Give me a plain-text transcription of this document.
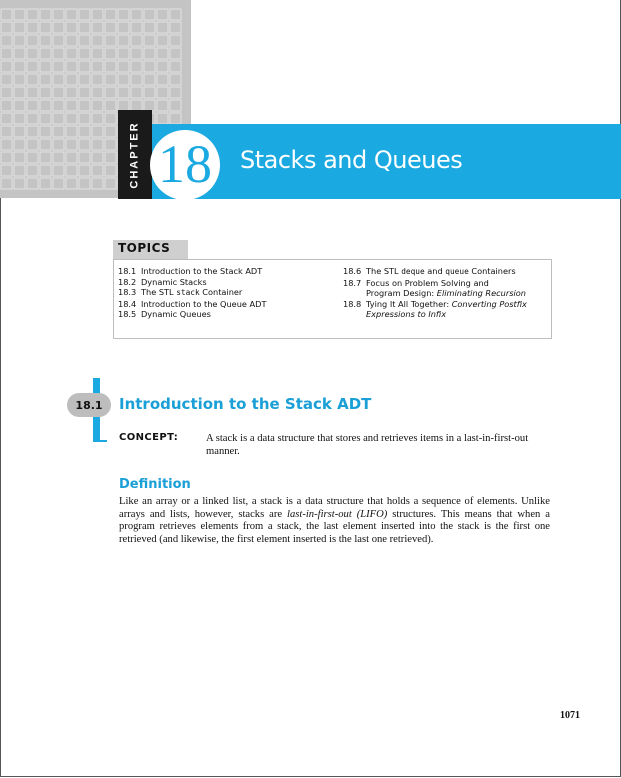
CHAPTER 18 Stacks and Queues
TOPICS
18.1 Introduction to the Stack ADT
18.2 Dynamic Stacks
18.3 The STL stack Container
18.4 Introduction to the Queue ADT
18.5 Dynamic Queues
18.6 The STL deque and queue Containers
18.7 Focus on Problem Solving and
Program Design: Eliminating Recursion
18.8 Tying It All Together: Converting Postfix
Expressions to Infix
18.1	Introduction to the Stack ADT
CONCEPT:	A stack is a data structure that stores and retrieves items in a last-in-first-out manner.
Definition
Like an array or a linked list, a stack is a data structure that holds a sequence of elements. Unlike arrays and lists, however, stacks are last-in-first-out (LIFO) structures. This means that when a program retrieves elements from a stack, the last element inserted into the stack is the first one retrieved (and likewise, the first element inserted is the last one retrieved).
1071
